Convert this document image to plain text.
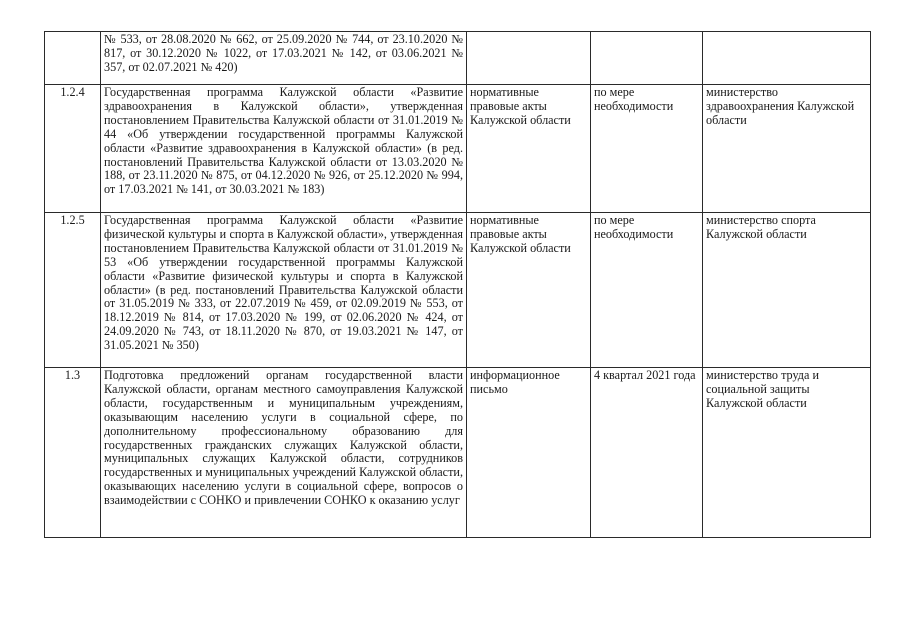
	№ 533, от 28.08.2020 № 662, от 25.09.2020 № 744, от 23.10.2020 № 817, от 30.12.2020 № 1022, от 17.03.2021 № 142, от 03.06.2021 № 357, от 02.07.2021 № 420)			
1.2.4	Государственная программа Калужской области «Развитие здравоохранения в Калужской области», утвержденная постановлением Правительства Калужской области от 31.01.2019 № 44 «Об утверждении государственной программы Калужской области «Развитие здравоохранения в Калужской области» (в ред. постановлений Правительства Калужской области от 13.03.2020 № 188, от 23.11.2020 № 875, от 04.12.2020 № 926, от 25.12.2020 № 994, от 17.03.2021 № 141, от 30.03.2021 № 183)	нормативные правовые акты Калужской области	по мере необходимости	министерство здравоохранения Калужской области
1.2.5	Государственная программа Калужской области «Развитие физической культуры и спорта в Калужской области», утвержденная постановлением Правительства Калужской области от 31.01.2019 № 53 «Об утверждении государственной программы Калужской области «Развитие физической культуры и спорта в Калужской области» (в ред. постановлений Правительства Калужской области от 31.05.2019 № 333, от 22.07.2019 № 459, от 02.09.2019 № 553, от 18.12.2019 № 814, от 17.03.2020 № 199, от 02.06.2020 № 424, от 24.09.2020 № 743, от 18.11.2020 № 870, от 19.03.2021 № 147, от 31.05.2021 № 350)	нормативные правовые акты Калужской области	по мере необходимости	министерство спорта Калужской области
1.3	Подготовка предложений органам государственной власти Калужской области, органам местного самоуправления Калужской области, государственным и муниципальным учреждениям, оказывающим населению услуги в социальной сфере, по дополнительному профессиональному образованию для государственных гражданских служащих Калужской области, муниципальных служащих Калужской области, сотрудников государственных и муниципальных учреждений Калужской области, оказывающих населению услуги в социальной сфере, вопросов о взаимодействии с СОНКО и привлечении СОНКО к оказанию услуг	информационное письмо	4 квартал 2021 года	министерство труда и социальной защиты Калужской области
